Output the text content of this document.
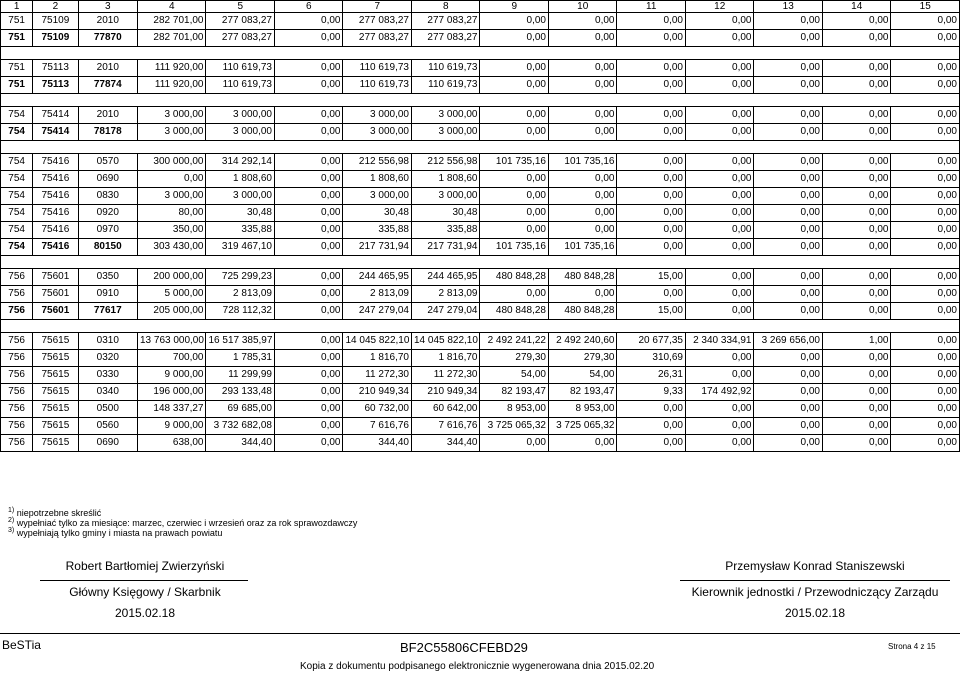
1	2	3	4	5	6	7	8	9	10	11	12	13	14	15
751	75109	2010	282 701,00	277 083,27	0,00	277 083,27	277 083,27	0,00	0,00	0,00	0,00	0,00	0,00	0,00
751	75109	77870	282 701,00	277 083,27	0,00	277 083,27	277 083,27	0,00	0,00	0,00	0,00	0,00	0,00	0,00

751	75113	2010	111 920,00	110 619,73	0,00	110 619,73	110 619,73	0,00	0,00	0,00	0,00	0,00	0,00	0,00
751	75113	77874	111 920,00	110 619,73	0,00	110 619,73	110 619,73	0,00	0,00	0,00	0,00	0,00	0,00	0,00

754	75414	2010	3 000,00	3 000,00	0,00	3 000,00	3 000,00	0,00	0,00	0,00	0,00	0,00	0,00	0,00
754	75414	78178	3 000,00	3 000,00	0,00	3 000,00	3 000,00	0,00	0,00	0,00	0,00	0,00	0,00	0,00

754	75416	0570	300 000,00	314 292,14	0,00	212 556,98	212 556,98	101 735,16	101 735,16	0,00	0,00	0,00	0,00	0,00
754	75416	0690	0,00	1 808,60	0,00	1 808,60	1 808,60	0,00	0,00	0,00	0,00	0,00	0,00	0,00
754	75416	0830	3 000,00	3 000,00	0,00	3 000,00	3 000,00	0,00	0,00	0,00	0,00	0,00	0,00	0,00
754	75416	0920	80,00	30,48	0,00	30,48	30,48	0,00	0,00	0,00	0,00	0,00	0,00	0,00
754	75416	0970	350,00	335,88	0,00	335,88	335,88	0,00	0,00	0,00	0,00	0,00	0,00	0,00
754	75416	80150	303 430,00	319 467,10	0,00	217 731,94	217 731,94	101 735,16	101 735,16	0,00	0,00	0,00	0,00	0,00

756	75601	0350	200 000,00	725 299,23	0,00	244 465,95	244 465,95	480 848,28	480 848,28	15,00	0,00	0,00	0,00	0,00
756	75601	0910	5 000,00	2 813,09	0,00	2 813,09	2 813,09	0,00	0,00	0,00	0,00	0,00	0,00	0,00
756	75601	77617	205 000,00	728 112,32	0,00	247 279,04	247 279,04	480 848,28	480 848,28	15,00	0,00	0,00	0,00	0,00

756	75615	0310	13 763 000,00	16 517 385,97	0,00	14 045 822,10	14 045 822,10	2 492 241,22	2 492 240,60	20 677,35	2 340 334,91	3 269 656,00	1,00	0,00
756	75615	0320	700,00	1 785,31	0,00	1 816,70	1 816,70	279,30	279,30	310,69	0,00	0,00	0,00	0,00
756	75615	0330	9 000,00	11 299,99	0,00	11 272,30	11 272,30	54,00	54,00	26,31	0,00	0,00	0,00	0,00
756	75615	0340	196 000,00	293 133,48	0,00	210 949,34	210 949,34	82 193,47	82 193,47	9,33	174 492,92	0,00	0,00	0,00
756	75615	0500	148 337,27	69 685,00	0,00	60 732,00	60 642,00	8 953,00	8 953,00	0,00	0,00	0,00	0,00	0,00
756	75615	0560	9 000,00	3 732 682,08	0,00	7 616,76	7 616,76	3 725 065,32	3 725 065,32	0,00	0,00	0,00	0,00	0,00
756	75615	0690	638,00	344,40	0,00	344,40	344,40	0,00	0,00	0,00	0,00	0,00	0,00	0,00
$^{1)}$ niepotrzebne skreślić
$^{2)}$ wypełniać tylko za miesiące: marzec, czerwiec i wrzesień oraz za rok sprawozdawczy
$^{3)}$ wypełniają tylko gminy i miasta na prawach powiatu
Robert Bartłomiej Zwierzyński
Główny Księgowy / Skarbnik
2015.02.18
Przemysław Konrad Staniszewski
Kierownik jednostki / Przewodniczący Zarządu
2015.02.18
BeSTia	BF2C55806CFEBD29	Strona 4 z 15
Kopia z dokumentu podpisanego elektronicznie wygenerowana dnia 2015.02.20
